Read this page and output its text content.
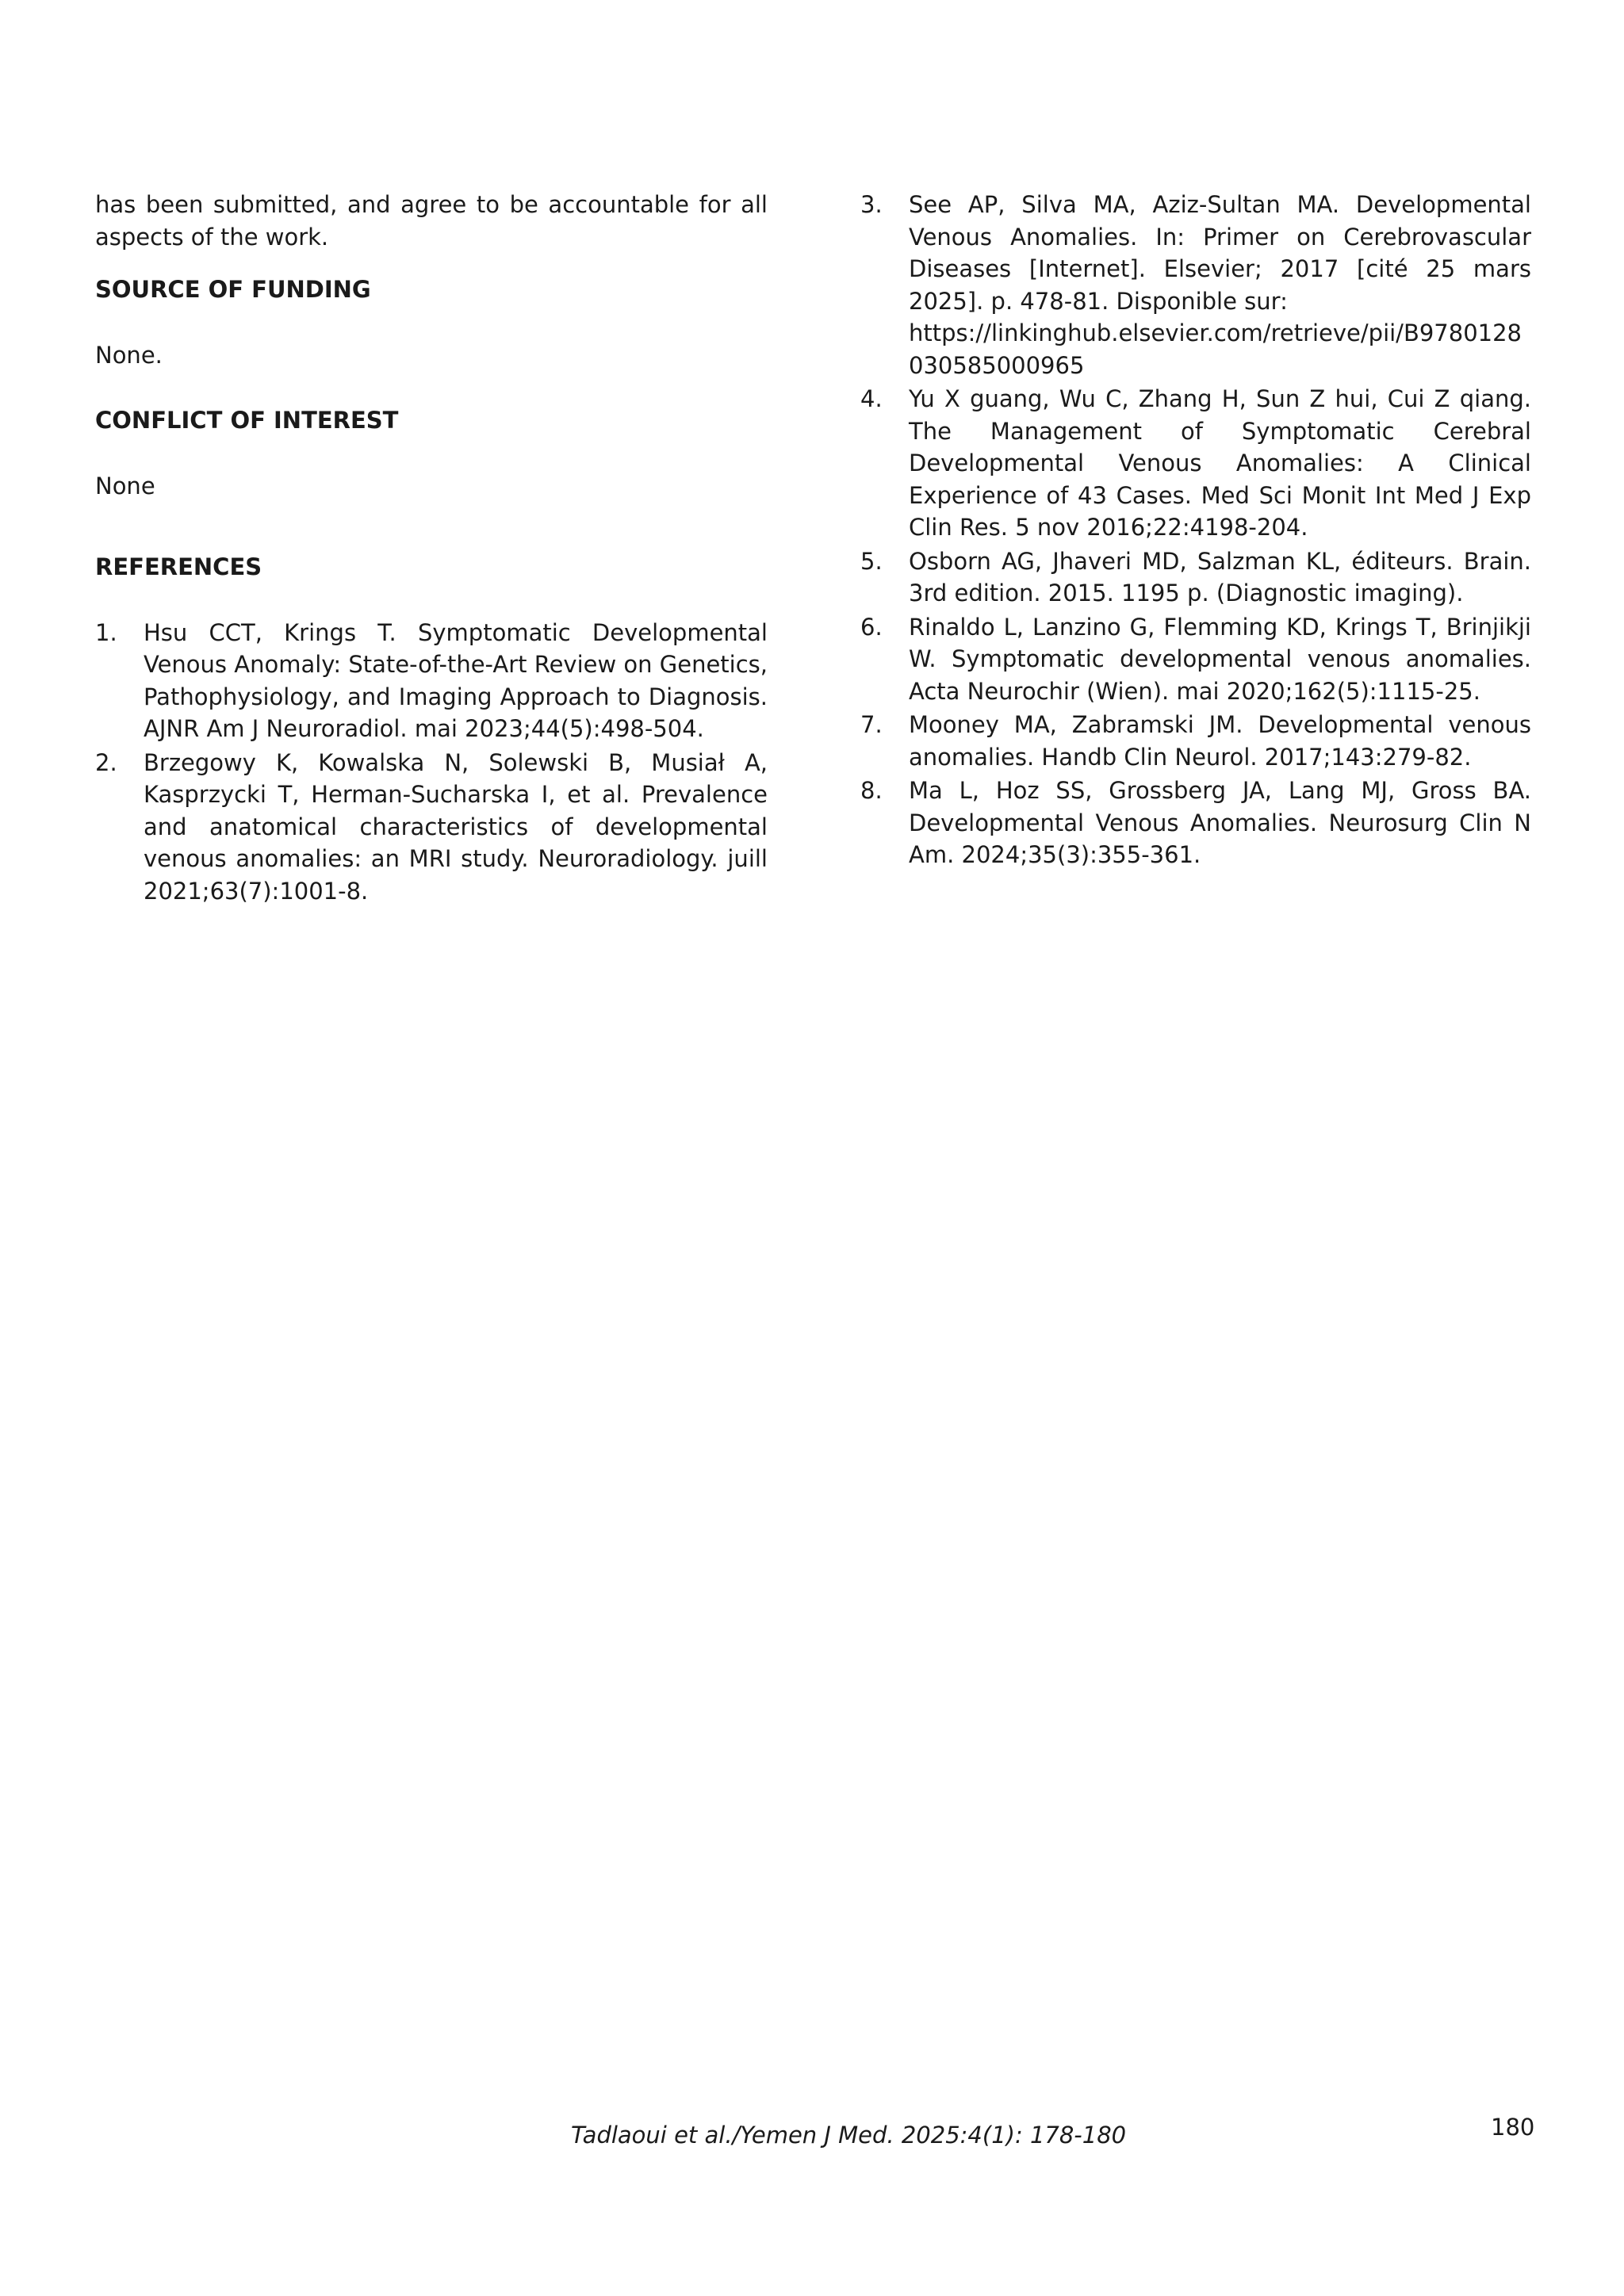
has been submitted, and agree to be accountable for all aspects of the work.

SOURCE OF FUNDING

None.

CONFLICT OF INTEREST

None

REFERENCES

1. Hsu CCT, Krings T. Symptomatic Developmental Venous Anomaly: State-of-the-Art Review on Genetics, Pathophysiology, and Imaging Approach to Diagnosis. AJNR Am J Neuroradiol. mai 2023;44(5):498-504.
2. Brzegowy K, Kowalska N, Solewski B, Musiał A, Kasprzycki T, Herman-Sucharska I, et al. Prevalence and anatomical characteristics of developmental venous anomalies: an MRI study. Neuroradiology. juill 2021;63(7):1001-8.
3. See AP, Silva MA, Aziz-Sultan MA. Developmental Venous Anomalies. In: Primer on Cerebrovascular Diseases [Internet]. Elsevier; 2017 [cité 25 mars 2025]. p. 478-81. Disponible sur:
https://linkinghub.elsevier.com/retrieve/pii/B9780128030585000965
4. Yu X guang, Wu C, Zhang H, Sun Z hui, Cui Z qiang. The Management of Symptomatic Cerebral Developmental Venous Anomalies: A Clinical Experience of 43 Cases. Med Sci Monit Int Med J Exp Clin Res. 5 nov 2016;22:4198-204.
5. Osborn AG, Jhaveri MD, Salzman KL, éditeurs. Brain. 3rd edition. 2015. 1195 p. (Diagnostic imaging).
6. Rinaldo L, Lanzino G, Flemming KD, Krings T, Brinjikji W. Symptomatic developmental venous anomalies. Acta Neurochir (Wien). mai 2020;162(5):1115-25.
7. Mooney MA, Zabramski JM. Developmental venous anomalies. Handb Clin Neurol. 2017;143:279-82.
8. Ma L, Hoz SS, Grossberg JA, Lang MJ, Gross BA. Developmental Venous Anomalies. Neurosurg Clin N Am. 2024;35(3):355-361.
Tadlaoui et al./Yemen J Med. 2025:4(1): 178-180	180
